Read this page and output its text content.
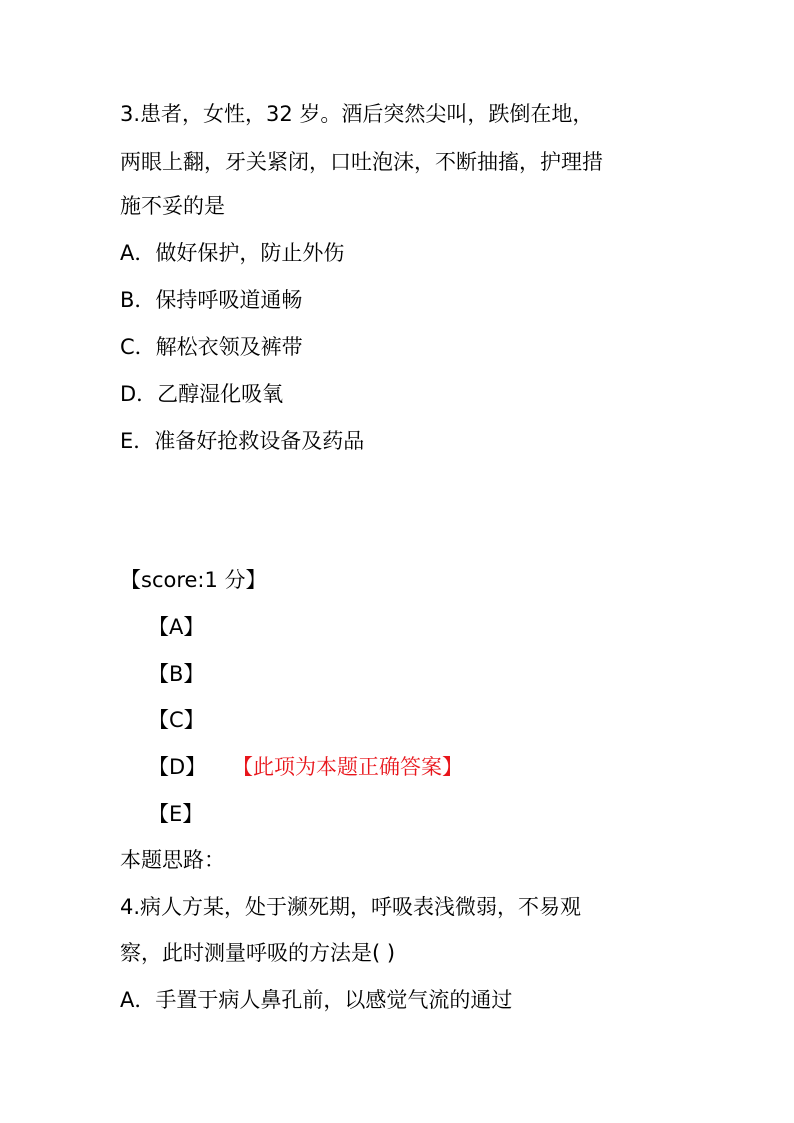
3.患者，女性，32 岁。酒后突然尖叫，跌倒在地，
两眼上翻，牙关紧闭，口吐泡沫，不断抽搐，护理措
施不妥的是
A．做好保护，防止外伤
B．保持呼吸道通畅
C．解松衣领及裤带
D．乙醇湿化吸氧
E．准备好抢救设备及药品
【score:1 分】
【A】
【B】
【C】
【D】 【此项为本题正确答案】
【E】
本题思路：
4.病人方某，处于濒死期，呼吸表浅微弱，不易观
察，此时测量呼吸的方法是( )
A．手置于病人鼻孔前，以感觉气流的通过
